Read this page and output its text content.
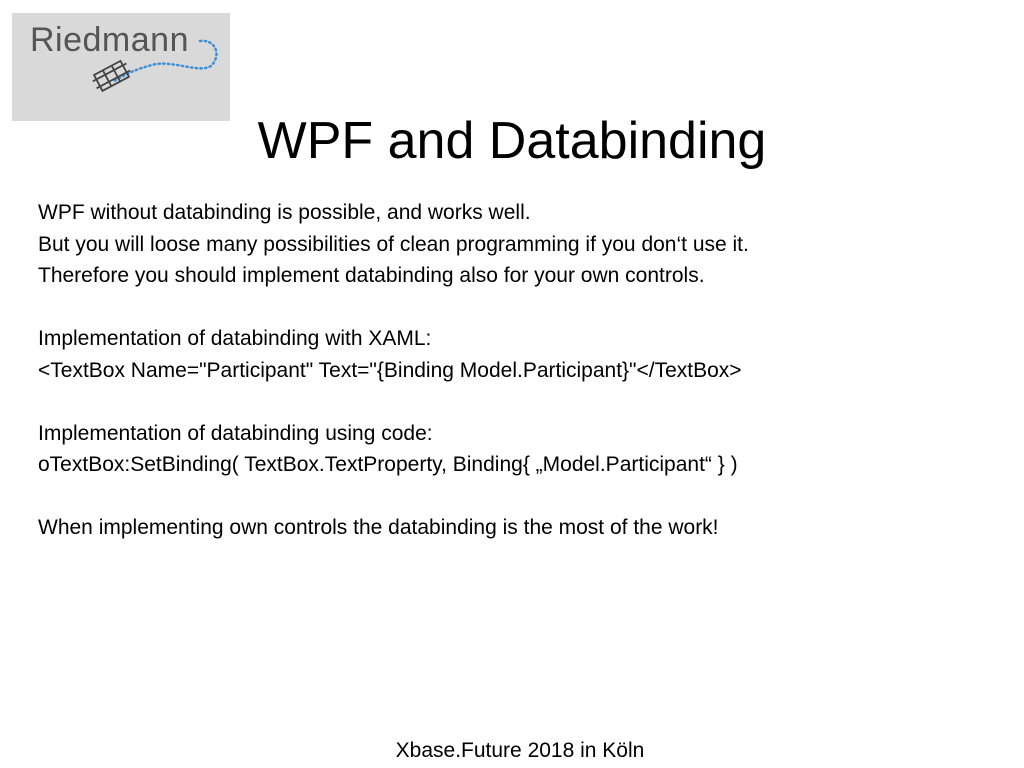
Riedmann
WPF and Databinding
WPF without databinding is possible, and works well.
But you will loose many possibilities of clean programming if you don‘t use it.
Therefore you should implement databinding also for your own controls.
Implementation of databinding with XAML:
<TextBox Name="Participant" Text="{Binding Model.Participant}"</TextBox>
Implementation of databinding using code:
oTextBox:SetBinding( TextBox.TextProperty, Binding{ „Model.Participant“ } )
When implementing own controls the databinding is the most of the work!
Xbase.Future 2018 in Köln
